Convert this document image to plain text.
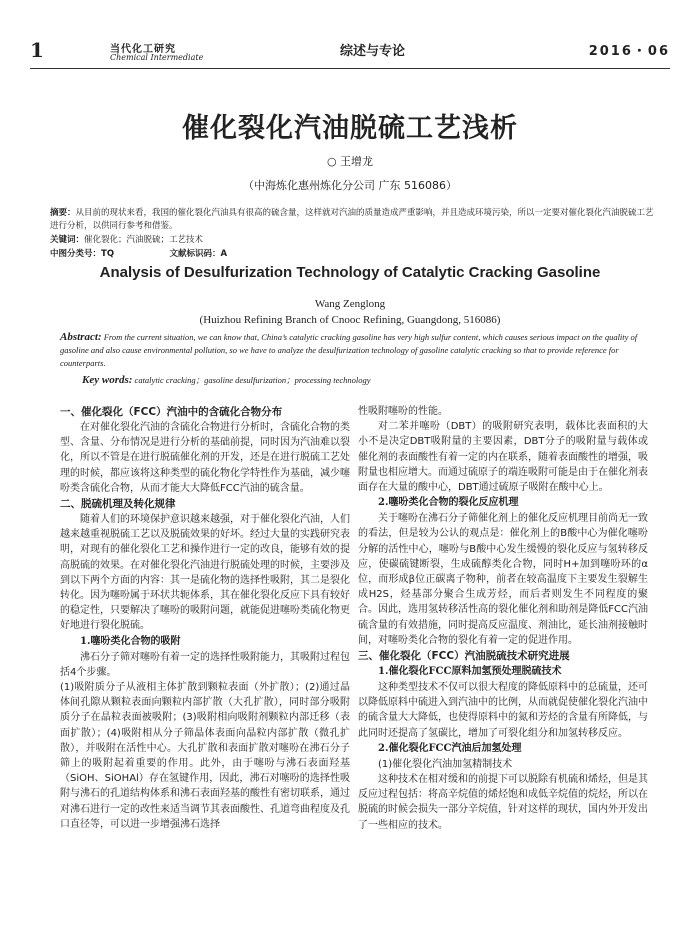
1	当代化工研究
Chemical Intermediate	综述与专论	2016・06
催化裂化汽油脱硫工艺浅析
○ 王增龙
（中海炼化惠州炼化分公司 广东 516086）
摘要：从目前的现状来看，我国的催化裂化汽油具有很高的硫含量，这样就对汽油的质量造成严重影响，并且造成环境污染，所以一定要对催化裂化汽油脱硫工艺进行分析，以供同行参考和借鉴。
关键词：催化裂化；汽油脱硫；工艺技术
中图分类号：TQ	文献标识码：A
Analysis of Desulfurization Technology of Catalytic Cracking Gasoline
Wang Zenglong
(Huizhou Refining Branch of Cnooc Refining, Guangdong, 516086)
Abstract: From the current situation, we can know that, China’s catalytic cracking gasoline has very high sulfur content, which causes serious impact on the quality of gasoline and also cause environmental pollution, so we have to analyze the desulfurization technology of gasoline catalytic cracking so that to provide reference for counterparts.
Key words: catalytic cracking；gasoline desulfurization；processing technology
一、催化裂化（FCC）汽油中的含硫化合物分布

在对催化裂化汽油的含硫化合物进行分析时，含硫化合物的类型、含量、分布情况是进行分析的基础前提，同时因为汽油难以裂化，所以不管是在进行脱硫催化剂的开发，还是在进行脱硫工艺处理的时候，都应该将这种类型的硫化物化学特性作为基础，减少噻吩类含硫化合物，从而才能大大降低FCC汽油的硫含量。

二、脱硫机理及转化规律

随着人们的环境保护意识越来越强，对于催化裂化汽油，人们越来越重视脱硫工艺以及脱硫效果的好坏。经过大量的实践研究表明，对现有的催化裂化工艺和操作进行一定的改良，能够有效的提高脱硫的效果。在对催化裂化汽油进行脱硫处理的时候，主要涉及到以下两个方面的内容：其一是硫化物的选择性吸附，其二是裂化转化。因为噻吩属于环状共轭体系，其在催化裂化反应下具有较好的稳定性，只要解决了噻吩的吸附问题，就能促进噻吩类硫化物更好地进行裂化脱硫。

1.噻吩类化合物的吸附

沸石分子筛对噻吩有着一定的选择性吸附能力，其吸附过程包括4个步骤。

(1)吸附质分子从液相主体扩散到颗粒表面（外扩散）；(2)通过晶体间孔隙从颗粒表面向颗粒内部扩散（大孔扩散），同时部分吸附质分子在晶粒表面被吸附；(3)吸附相向吸附剂颗粒内部迁移（表面扩散）；(4)吸附相从分子筛晶体表面向晶粒内部扩散（微孔扩散），并吸附在活性中心。大孔扩散和表面扩散对噻吩在沸石分子筛上的吸附起着重要的作用。此外，由于噻吩与沸石表面羟基（SiOH、SiOHAl）存在氢键作用，因此，沸石对噻吩的选择性吸附与沸石的孔道结构体系和沸石表面羟基的酸性有密切联系，通过对沸石进行一定的改性来适当调节其表面酸性、孔道弯曲程度及孔口直径等，可以进一步增强沸石选择

性吸附噻吩的性能。

对二苯并噻吩（DBT）的吸附研究表明，载体比表面积的大小不是决定DBT吸附量的主要因素，DBT分子的吸附量与载体或催化剂的表面酸性有着一定的内在联系，随着表面酸性的增强，吸附量也相应增大。而通过硫原子的端连吸附可能是由于在催化剂表面存在大量的酸中心，DBT通过硫原子吸附在酸中心上。

2.噻吩类化合物的裂化反应机理

关于噻吩在沸石分子筛催化剂上的催化反应机理目前尚无一致的看法，但是较为公认的观点是：催化剂上的B酸中心为催化噻吩分解的活性中心，噻吩与B酸中心发生缓慢的裂化反应与氢转移反应，使碳硫键断裂，生成硫醇类化合物，同时H+加到噻吩环的α位，而形成β位正碳离子物种，前者在较高温度下主要发生裂解生成H2S，烃基部分聚合生成芳烃，而后者则发生不同程度的聚合。因此，选用氢转移活性高的裂化催化剂和助剂是降低FCC汽油硫含量的有效措施，同时提高反应温度、剂油比，延长油剂接触时间，对噻吩类化合物的裂化有着一定的促进作用。

三、催化裂化（FCC）汽油脱硫技术研究进展
1.催化裂化FCC原料加氢预处理脱硫技术

这种类型技术不仅可以很大程度的降低原料中的总硫量，还可以降低原料中硫进入到汽油中的比例，从而就促使催化裂化汽油中的硫含量大大降低，也使得原料中的氮和芳烃的含量有所降低，与此同时还提高了氢碳比，增加了可裂化组分和加氢转移反应。

2.催化裂化FCC汽油后加氢处理

(1)催化裂化汽油加氢精制技术

这种技术在相对缓和的前提下可以脱除有机硫和烯烃，但是其反应过程包括：将高辛烷值的烯烃饱和成低辛烷值的烷烃，所以在脱硫的时候会损失一部分辛烷值，针对这样的现状，国内外开发出了一些相应的技术。
